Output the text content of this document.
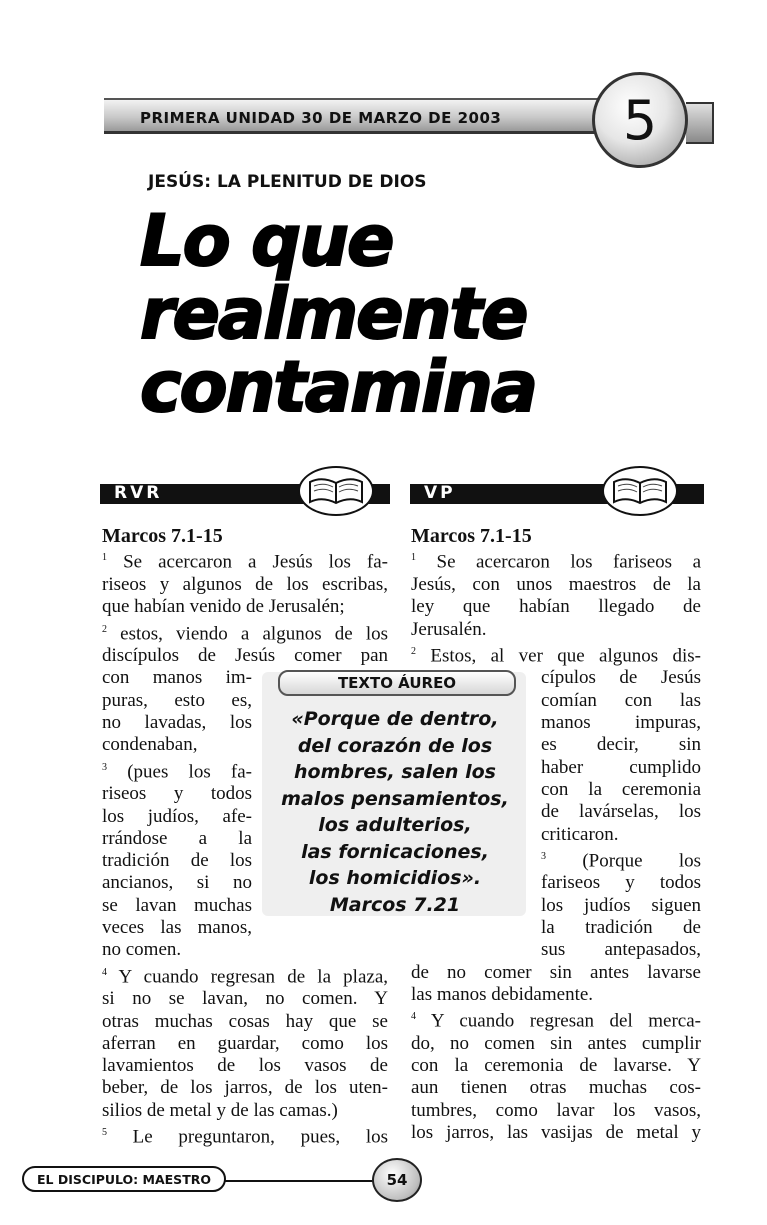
PRIMERA UNIDAD 30 DE MARZO DE 2003	5
JESÚS: LA PLENITUD DE DIOS
Lo que
realmente
contamina
RVR	VP
Marcos 7.1-15
$^1$ Se acercaron a Jesús los fa-
riseos y algunos de los escribas,
que habían venido de Jerusalén;
$^2$ estos, viendo a algunos de los
discípulos de Jesús comer pan
con manos im-
puras, esto es,
no lavadas, los
condenaban,
$^3$ (pues los fa-
riseos y todos
los judíos, afe-
rrándose a la
tradición de los
ancianos, si no
se lavan muchas
veces las manos,
no comen.
$^4$ Y cuando regresan de la plaza,
si no se lavan, no comen. Y
otras muchas cosas hay que se
aferran en guardar, como los
lavamientos de los vasos de
beber, de los jarros, de los uten-
silios de metal y de las camas.)
$^5$ Le preguntaron, pues, los
Marcos 7.1-15
$^1$ Se acercaron los fariseos a
Jesús, con unos maestros de la
ley que habían llegado de
Jerusalén.
$^2$ Estos, al ver que algunos dis-
cípulos de Jesús
comían con las
manos impuras,
es decir, sin
haber cumplido
con la ceremonia
de lavárselas, los
criticaron.
$^3$ (Porque los
fariseos y todos
los judíos siguen
la tradición de
sus antepasados,
de no comer sin antes lavarse
las manos debidamente.
$^4$ Y cuando regresan del merca-
do, no comen sin antes cumplir
con la ceremonia de lavarse. Y
aun tienen otras muchas cos-
tumbres, como lavar los vasos,
los jarros, las vasijas de metal y
TEXTO ÁUREO
«Porque de dentro,
del corazón de los
hombres, salen los
malos pensamientos,
los adulterios,
las fornicaciones,
los homicidios».
Marcos 7.21
EL DISCIPULO: MAESTRO	54
